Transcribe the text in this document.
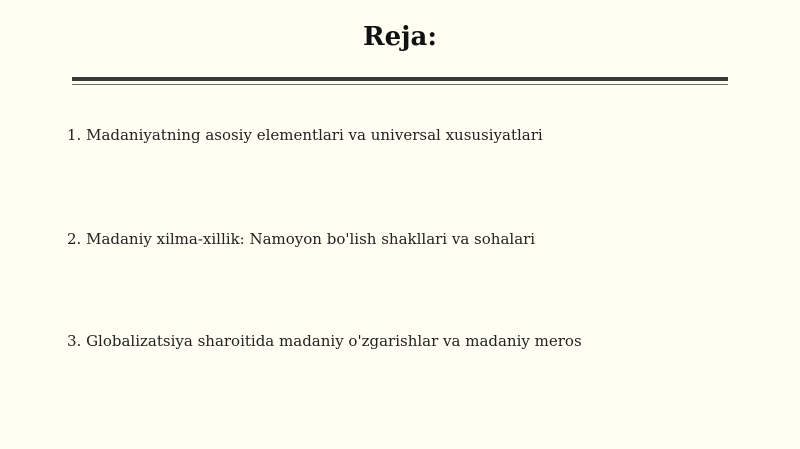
Reja:
1. Madaniyatning asosiy elementlari va universal xususiyatlari
2. Madaniy xilma-xillik: Namoyon bo'lish shakllari va sohalari
3. Globalizatsiya sharoitida madaniy o'zgarishlar va madaniy meros
